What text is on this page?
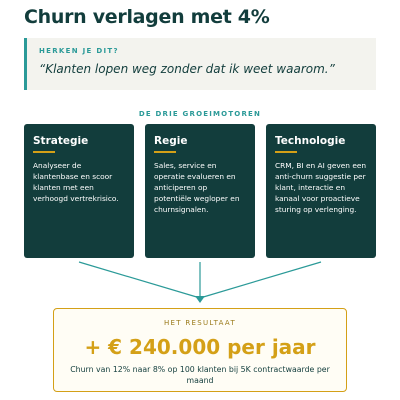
Churn verlagen met 4%
HERKEN JE DIT?
“Klanten lopen weg zonder dat ik weet waarom.”
DE DRIE GROEIMOTOREN
Strategie
Analyseer de klantenbase en scoor klanten met een verhoogd vertrekrisico.
Regie
Sales, service en operatie evalueren en anticiperen op potentiële wegloper en churnsignalen.
Technologie
CRM, BI en AI geven een anti-churn suggestie per klant, interactie en kanaal voor proactieve sturing op verlenging.
HET RESULTAAT
+ € 240.000 per jaar
Churn van 12% naar 8% op 100 klanten bij 5K contractwaarde per maand
